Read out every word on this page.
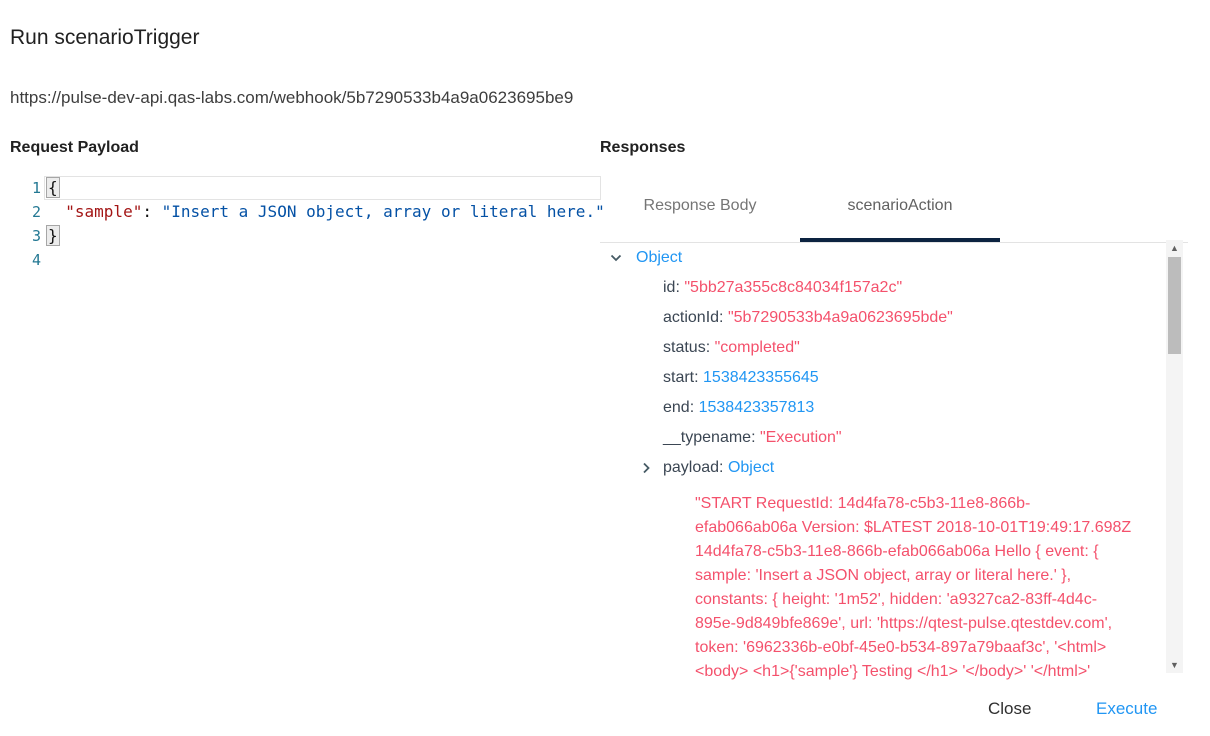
Run scenarioTrigger
https://pulse-dev-api.qas-labs.com/webhook/5b7290533b4a9a0623695be9
Request Payload	Responses
1
2
3
4
{
"sample": "Insert a JSON object, array or literal here."
}
Response Body	scenarioAction
Object
id: "5bb27a355c8c84034f157a2c"
actionId: "5b7290533b4a9a0623695bde"
status: "completed"
start: 1538423355645
end: 1538423357813
__typename: "Execution"
payload: Object
"START RequestId: 14d4fa78-c5b3-11e8-866b-
efab066ab06a Version: $LATEST 2018-10-01T19:49:17.698Z
14d4fa78-c5b3-11e8-866b-efab066ab06a Hello { event: {
sample: 'Insert a JSON object, array or literal here.' },
constants: { height: '1m52', hidden: 'a9327ca2-83ff-4d4c-
895e-9d849bfe869e', url: 'https://qtest-pulse.qtestdev.com',
token: '6962336b-e0bf-45e0-b534-897a79baaf3c', '<html>
<body> <h1>{'sample'} Testing </h1> '</body>' '</html>'
▲
▼
Close	Execute
